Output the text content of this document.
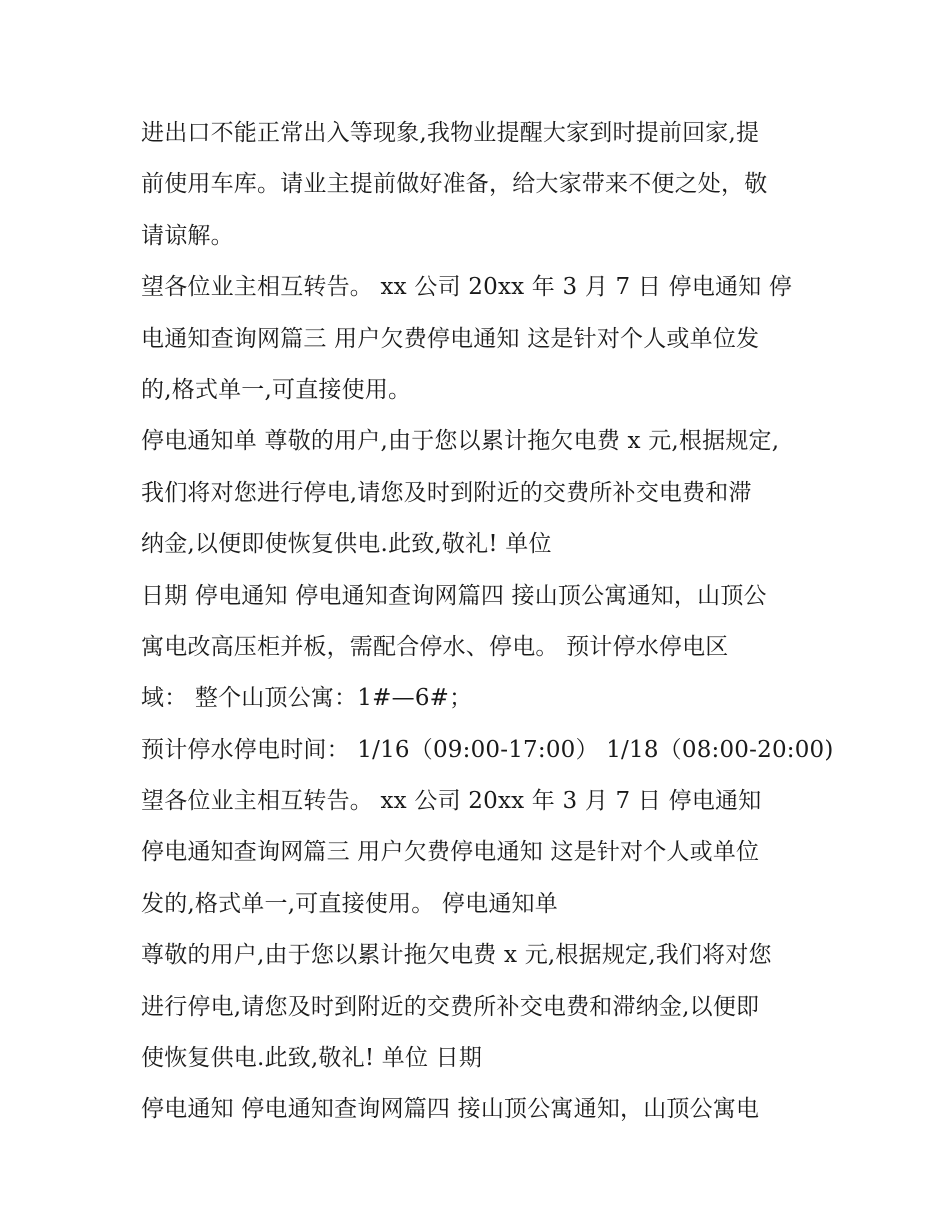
进出口不能正常出入等现象,我物业提醒大家到时提前回家,提
前使用车库。请业主提前做好准备，给大家带来不便之处，敬
请谅解。
望各位业主相互转告。 xx 公司 20xx 年 3 月 7 日 停电通知 停
电通知查询网篇三 用户欠费停电通知 这是针对个人或单位发
的,格式单一,可直接使用。
停电通知单 尊敬的用户,由于您以累计拖欠电费 x 元,根据规定,
我们将对您进行停电,请您及时到附近的交费所补交电费和滞
纳金,以便即使恢复供电.此致,敬礼! 单位
日期 停电通知 停电通知查询网篇四 接山顶公寓通知，山顶公
寓电改高压柜并板，需配合停水、停电。 预计停水停电区
域： 整个山顶公寓：1#—6#；
预计停水停电时间： 1/16（09:00-17:00） 1/18（08:00-20:00)
望各位业主相互转告。 xx 公司 20xx 年 3 月 7 日 停电通知
停电通知查询网篇三 用户欠费停电通知 这是针对个人或单位
发的,格式单一,可直接使用。 停电通知单
尊敬的用户,由于您以累计拖欠电费 x 元,根据规定,我们将对您
进行停电,请您及时到附近的交费所补交电费和滞纳金,以便即
使恢复供电.此致,敬礼! 单位 日期
停电通知 停电通知查询网篇四 接山顶公寓通知，山顶公寓电
